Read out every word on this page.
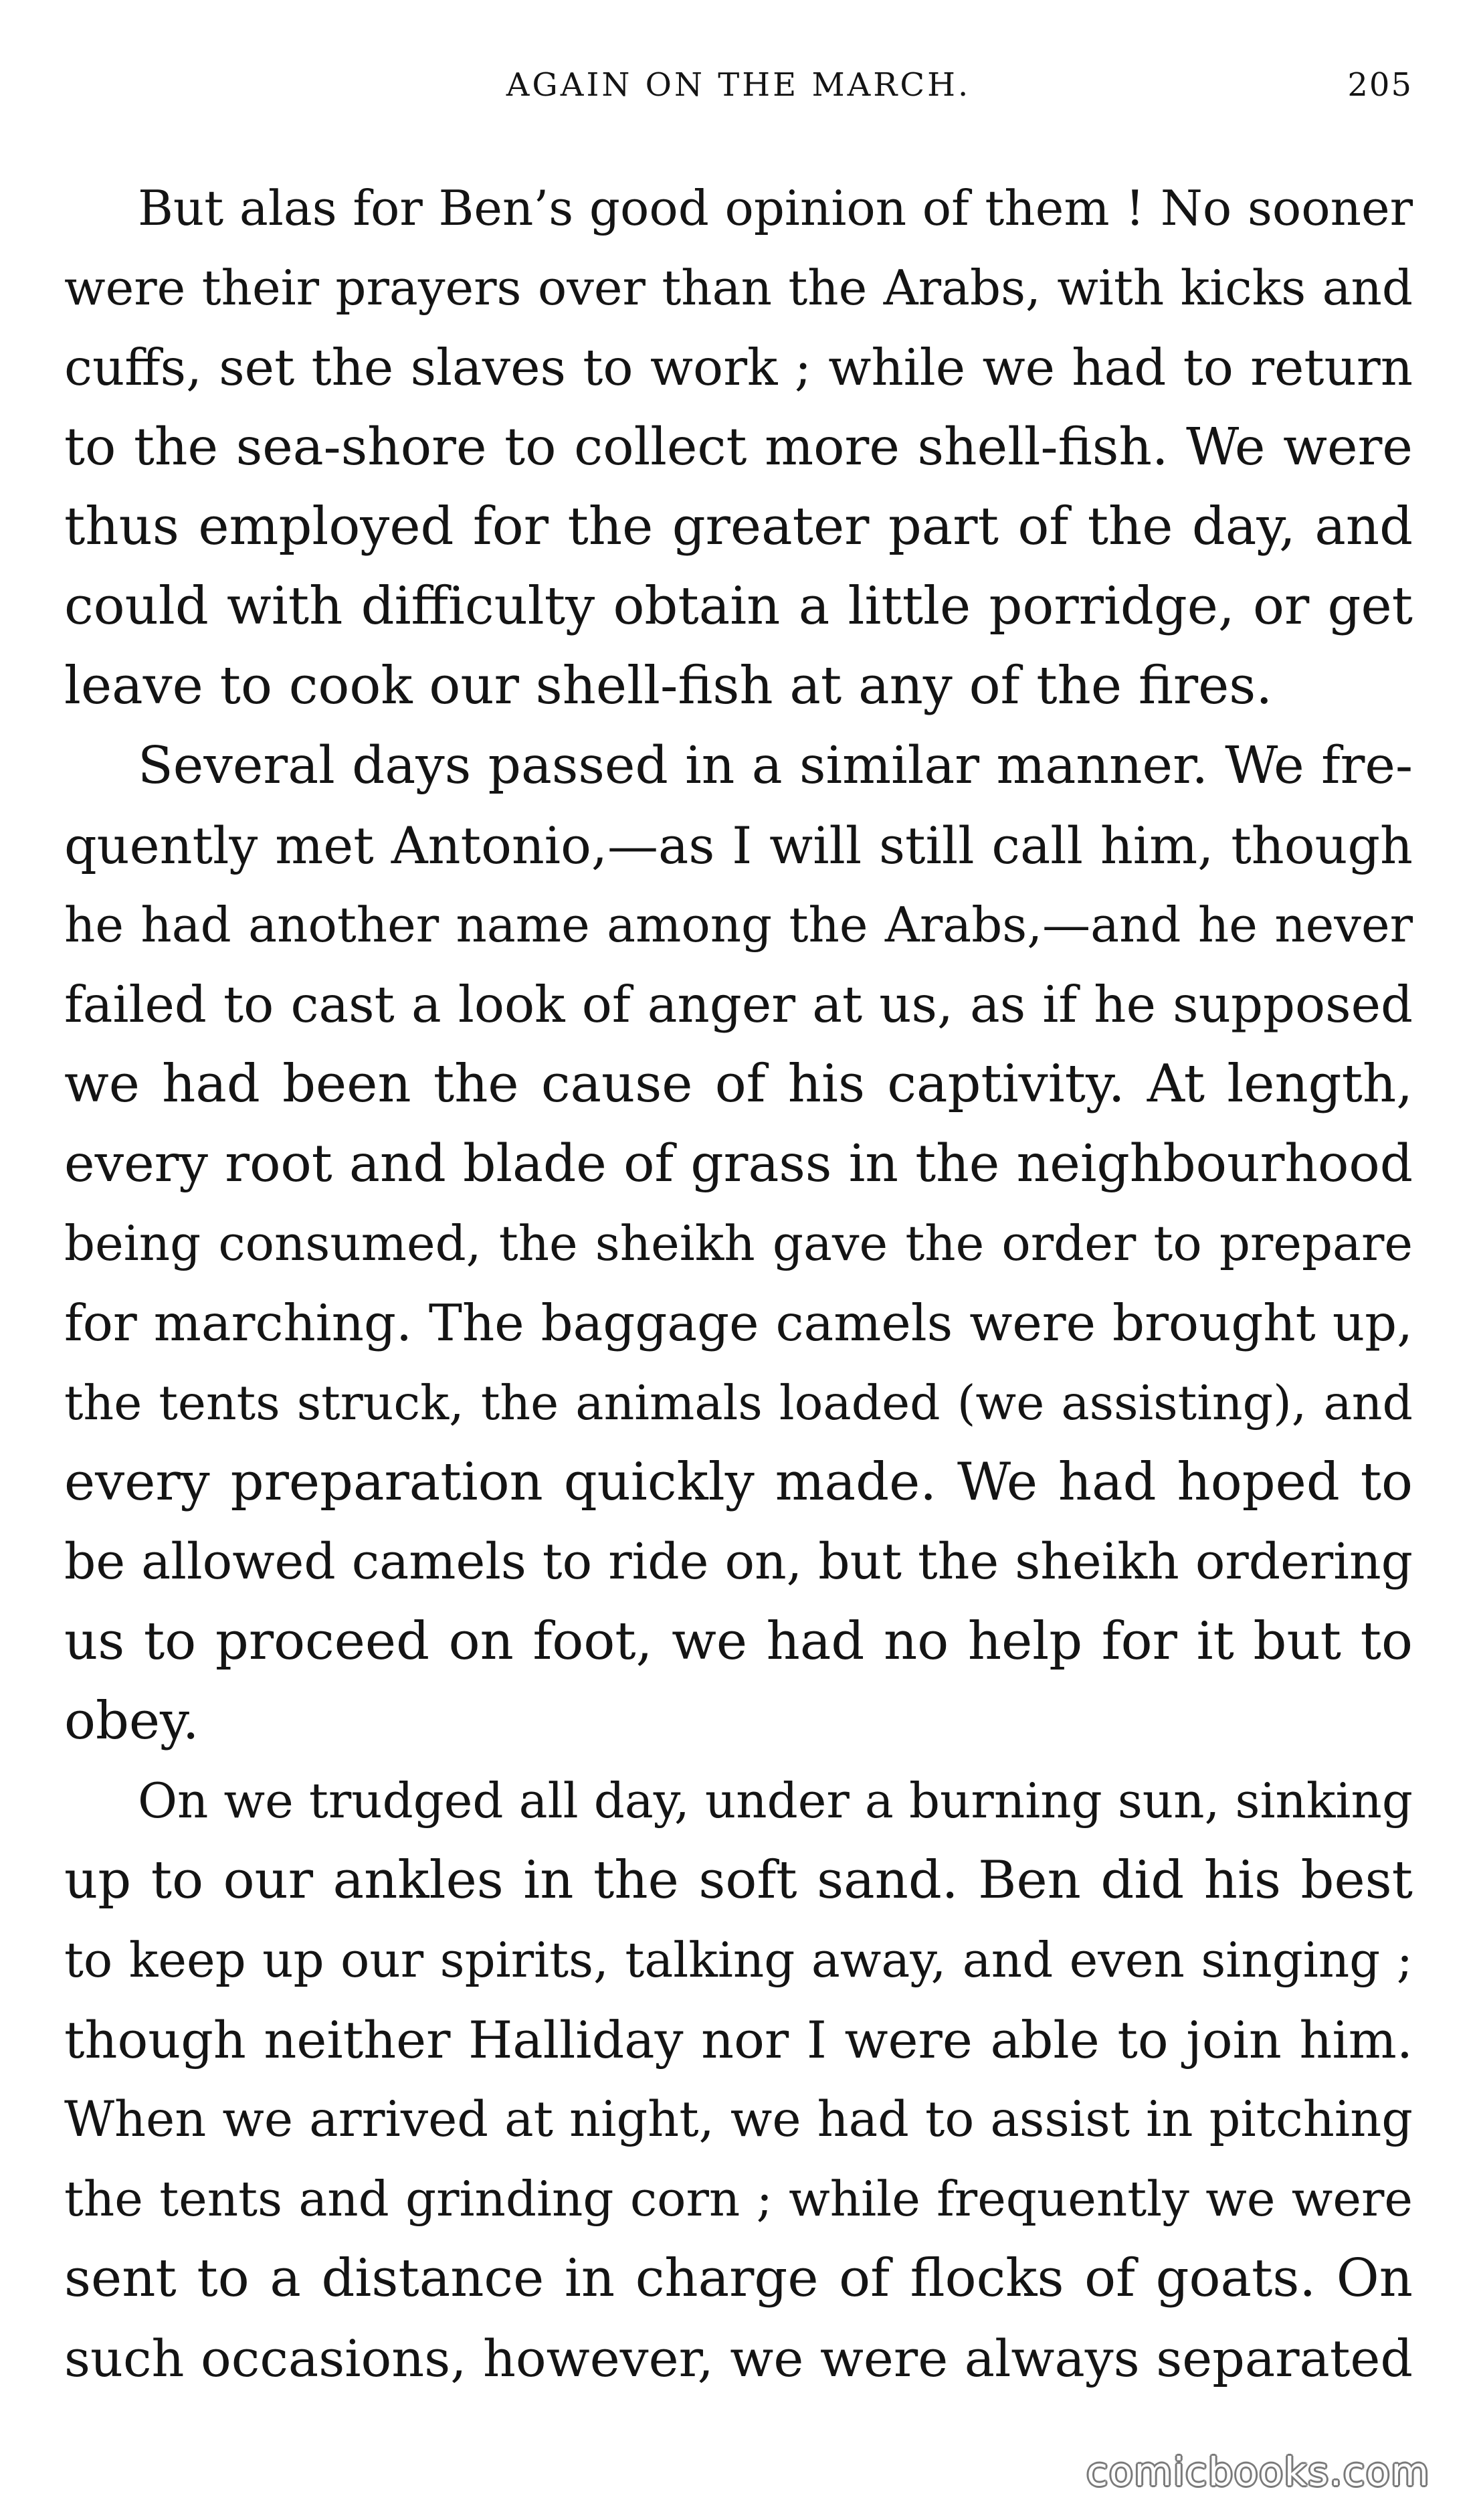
AGAIN ON THE MARCH.	205
But alas for Ben’s good opinion of them ! No sooner
were their prayers over than the Arabs, with kicks and
cuffs, set the slaves to work ; while we had to return
to the sea-shore to collect more shell-fish. We were
thus employed for the greater part of the day, and
could with difficulty obtain a little porridge, or get
leave to cook our shell-fish at any of the fires.
Several days passed in a similar manner. We fre-
quently met Antonio,—as I will still call him, though
he had another name among the Arabs,—and he never
failed to cast a look of anger at us, as if he supposed
we had been the cause of his captivity. At length,
every root and blade of grass in the neighbourhood
being consumed, the sheikh gave the order to prepare
for marching. The baggage camels were brought up,
the tents struck, the animals loaded (we assisting), and
every preparation quickly made. We had hoped to
be allowed camels to ride on, but the sheikh ordering
us to proceed on foot, we had no help for it but to
obey.
On we trudged all day, under a burning sun, sinking
up to our ankles in the soft sand. Ben did his best
to keep up our spirits, talking away, and even singing ;
though neither Halliday nor I were able to join him.
When we arrived at night, we had to assist in pitching
the tents and grinding corn ; while frequently we were
sent to a distance in charge of flocks of goats. On
such occasions, however, we were always separated
comicbooks.com
